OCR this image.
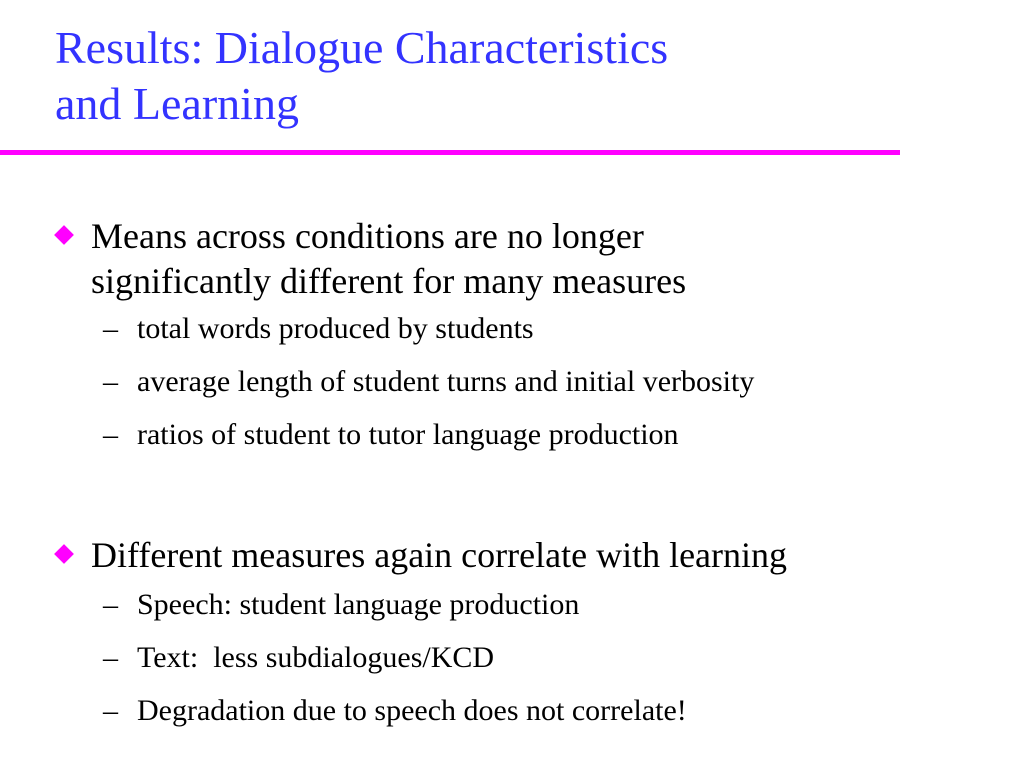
Results: Dialogue Characteristics
and Learning
Means across conditions are no longer
significantly different for many measures
– total words produced by students
– average length of student turns and initial verbosity
– ratios of student to tutor language production
Different measures again correlate with learning
– Speech: student language production
– Text:  less subdialogues/KCD
– Degradation due to speech does not correlate!
